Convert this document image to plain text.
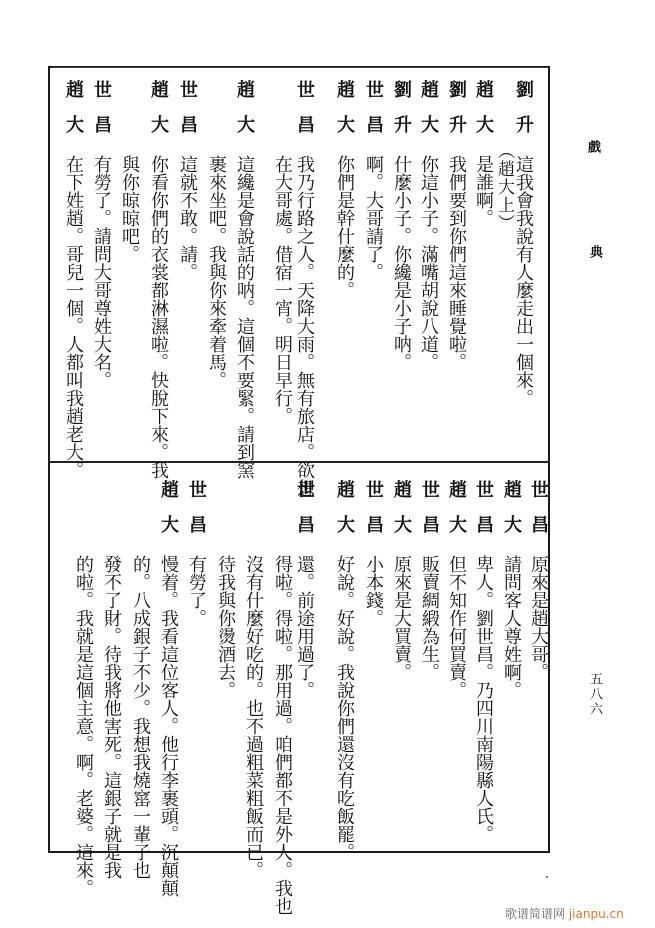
戲
典
五八六
劉升
這我會我說有人麼走出一個來。
（趙大上）
趙大
是誰啊。
劉升
我們要到你們這來睡覺啦。
趙大
你這小子。滿嘴胡說八道。
劉升
什麼小子。你纔是小子呐。
世昌
啊。大哥請了。
趙大
你們是幹什麼的。
世昌
我乃行路之人。天降大雨。無有旅店。欲想
在大哥處。借宿一宵。明日早行。
趙大
這纔是會說話的呐。這個不要緊。請到窯
裹來坐吧。我與你來牽着馬。
世昌
這就不敢。請。
趙大
你看你們的衣裳都淋濕啦。快脫下來。我
與你晾晾吧。
世昌
有勞了。請問大哥尊姓大名。
趙大
在下姓趙。哥兒一個。人都叫我趙老大。
世昌
原來是趙大哥。
趙大
請問客人尊姓啊。
世昌
卑人。劉世昌。乃四川南陽縣人氏。
趙大
但不知作何買賣。
世昌
販賣綢緞為生。
趙大
原來是大買賣。
世昌
小本錢。
趙大
好說。好說。我說你們還沒有吃飯罷。
世昌
還。前途用過了。
得啦。得啦。那用過。咱們都不是外人。我也
沒有什麼好吃的。也不過粗菜粗飯而已。
待我與你燙酒去。
世昌
有勞了。
趙大
慢着。我看這位客人。他行李裹頭。沉顛顛
的。八成銀子不少。我想我燒窰一輩子也
發不了財。待我將他害死。這銀子就是我
的啦。我就是這個主意。啊。老婆。這來。
歌谱简谱网 jianpu.cn
